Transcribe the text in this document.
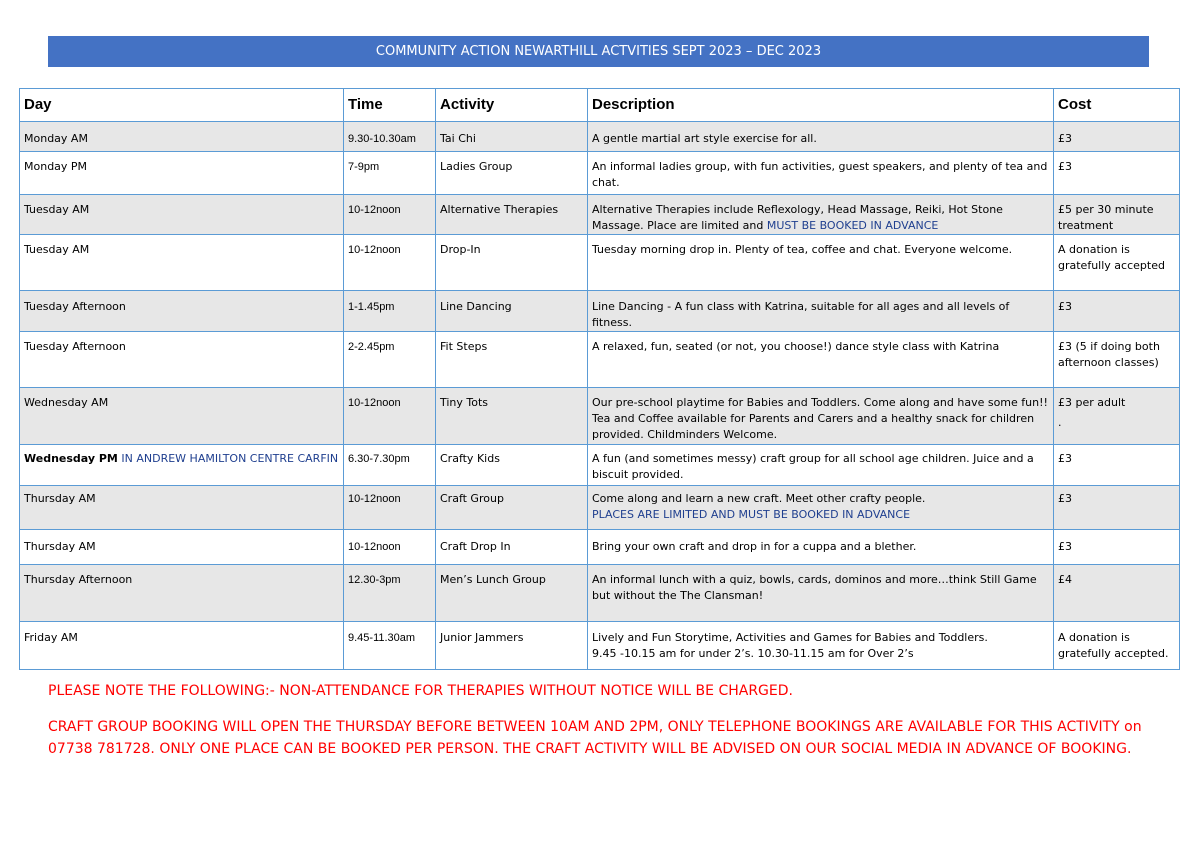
COMMUNITY ACTION NEWARTHILL ACTVITIES SEPT 2023 – DEC 2023
Day	Time	Activity	Description	Cost
Monday AM	9.30-10.30am	Tai Chi	A gentle martial art style exercise for all.	£3
Monday PM	7-9pm	Ladies Group	An informal ladies group, with fun activities, guest speakers, and plenty of tea and chat.	£3
Tuesday AM	10-12noon	Alternative Therapies	Alternative Therapies include Reflexology, Head Massage, Reiki, Hot Stone Massage. Place are limited and MUST BE BOOKED IN ADVANCE	£5 per 30 minute treatment
Tuesday AM	10-12noon	Drop-In	Tuesday morning drop in. Plenty of tea, coffee and chat. Everyone welcome.	A donation is gratefully accepted
Tuesday Afternoon	1-1.45pm	Line Dancing	Line Dancing - A fun class with Katrina, suitable for all ages and all levels of fitness.	£3
Tuesday Afternoon	2-2.45pm	Fit Steps	A relaxed, fun, seated (or not, you choose!) dance style class with Katrina	£3 (5 if doing both afternoon classes)
Wednesday AM	10-12noon	Tiny Tots	Our pre-school playtime for Babies and Toddlers. Come along and have some fun!! Tea and Coffee available for Parents and Carers and a healthy snack for children provided. Childminders Welcome.	£3 per adult
.

Wednesday PM IN ANDREW HAMILTON CENTRE CARFIN	6.30-7.30pm	Crafty Kids	A fun (and sometimes messy) craft group for all school age children. Juice and a biscuit provided.	£3
Thursday AM	10-12noon	Craft Group	Come along and learn a new craft. Meet other crafty people.
PLACES ARE LIMITED AND MUST BE BOOKED IN ADVANCE	£3
Thursday AM	10-12noon	Craft Drop In	Bring your own craft and drop in for a cuppa and a blether.	£3
Thursday Afternoon	12.30-3pm	Men’s Lunch Group	An informal lunch with a quiz, bowls, cards, dominos and more…think Still Game but without the The Clansman!	£4
Friday AM	9.45-11.30am	Junior Jammers	Lively and Fun Storytime, Activities and Games for Babies and Toddlers.
9.45 -10.15 am for under 2’s. 10.30-11.15 am for Over 2’s	A donation is gratefully accepted.

PLEASE NOTE THE FOLLOWING:- NON-ATTENDANCE FOR THERAPIES WITHOUT NOTICE WILL BE CHARGED.

CRAFT GROUP BOOKING WILL OPEN THE THURSDAY BEFORE BETWEEN 10AM AND 2PM, ONLY TELEPHONE BOOKINGS ARE AVAILABLE FOR THIS ACTIVITY on 07738 781728. ONLY ONE PLACE CAN BE BOOKED PER PERSON. THE CRAFT ACTIVITY WILL BE ADVISED ON OUR SOCIAL MEDIA IN ADVANCE OF BOOKING.
